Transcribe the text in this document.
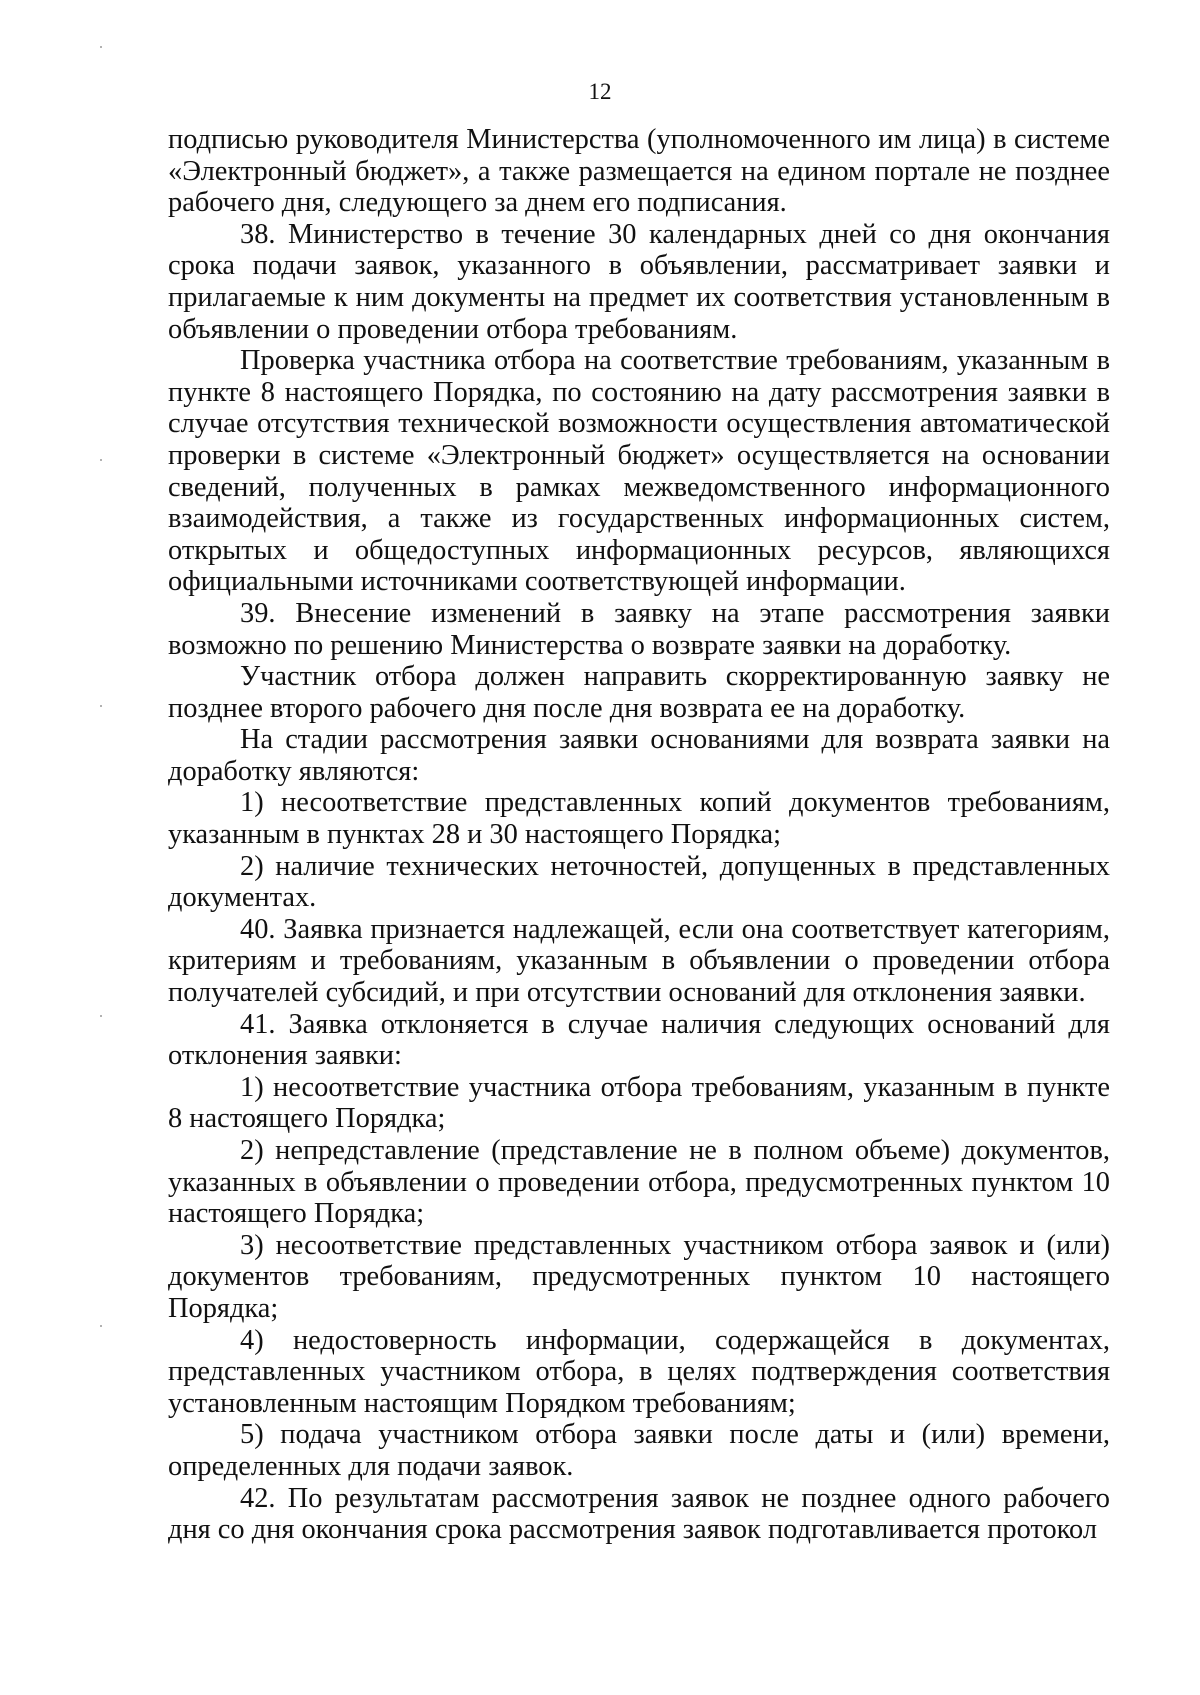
12

подписью руководителя Министерства (уполномоченного им лица) в системе «Электронный бюджет», а также размещается на едином портале не позднее рабочего дня, следующего за днем его подписания.

38. Министерство в течение 30 календарных дней со дня окончания срока подачи заявок, указанного в объявлении, рассматривает заявки и прилагаемые к ним документы на предмет их соответствия установленным в объявлении о проведении отбора требованиям.

Проверка участника отбора на соответствие требованиям, указанным в пункте 8 настоящего Порядка, по состоянию на дату рассмотрения заявки в случае отсутствия технической возможности осуществления автоматической проверки в системе «Электронный бюджет» осуществляется на основании сведений, полученных в рамках межведомственного информационного взаимодействия, а также из государственных информационных систем, открытых и общедоступных информационных ресурсов, являющихся официальными источниками соответствующей информации.

39. Внесение изменений в заявку на этапе рассмотрения заявки возможно по решению Министерства о возврате заявки на доработку.

Участник отбора должен направить скорректированную заявку не позднее второго рабочего дня после дня возврата ее на доработку.

На стадии рассмотрения заявки основаниями для возврата заявки на доработку являются:

1) несоответствие представленных копий документов требованиям, указанным в пунктах 28 и 30 настоящего Порядка;

2) наличие технических неточностей, допущенных в представленных документах.

40. Заявка признается надлежащей, если она соответствует категориям, критериям и требованиям, указанным в объявлении о проведении отбора получателей субсидий, и при отсутствии оснований для отклонения заявки.

41. Заявка отклоняется в случае наличия следующих оснований для отклонения заявки:

1) несоответствие участника отбора требованиям, указанным в пункте 8 настоящего Порядка;

2) непредставление (представление не в полном объеме) документов, указанных в объявлении о проведении отбора, предусмотренных пунктом 10 настоящего Порядка;

3) несоответствие представленных участником отбора заявок и (или) документов требованиям, предусмотренных пунктом 10 настоящего Порядка;

4) недостоверность информации, содержащейся в документах, представленных участником отбора, в целях подтверждения соответствия установленным настоящим Порядком требованиям;

5) подача участником отбора заявки после даты и (или) времени, определенных для подачи заявок.

42. По результатам рассмотрения заявок не позднее одного рабочего дня со дня окончания срока рассмотрения заявок подготавливается протокол
